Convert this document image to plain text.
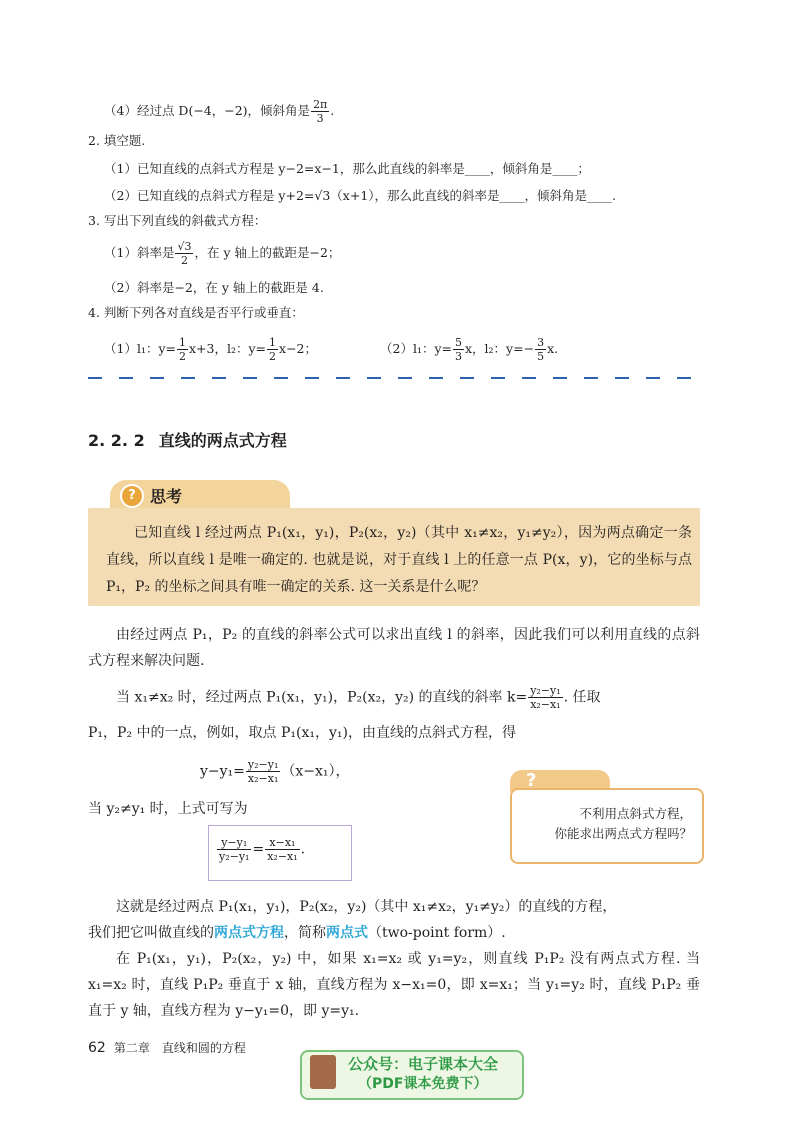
（4）经过点 D(−4，−2)，倾斜角是 $\frac{2\pi}{3}$ .
2. 填空题.
（1）已知直线的点斜式方程是 y−2=x−1，那么此直线的斜率是____，倾斜角是____；
（2）已知直线的点斜式方程是 y+2=√3（x+1），那么此直线的斜率是____，倾斜角是____.
3. 写出下列直线的斜截式方程：
（1）斜率是 $\frac{√3}{2}$ ，在 y 轴上的截距是−2；
（2）斜率是−2，在 y 轴上的截距是 4.
4. 判断下列各对直线是否平行或垂直：
（1）l₁：$y= \frac{1}{2} x+3$，l₂：$y= \frac{1}{2} x-2$；	（2）l₁：$y= \frac{5}{3}$ x，l₂：$y=- \frac{3}{5} x$.
2. 2. 2 直线的两点式方程
? 思考
已知直线 l 经过两点 P₁(x₁，y₁)，P₂(x₂，y₂)（其中 x₁≠x₂，y₁≠y₂），因为两点确定一条直线，所以直线 l 是唯一确定的. 也就是说，对于直线 l 上的任意一点 P(x，y)，它的坐标与点 P₁，P₂ 的坐标之间具有唯一确定的关系. 这一关系是什么呢？
由经过两点 P₁，P₂ 的直线的斜率公式可以求出直线 l 的斜率，因此我们可以利用直线的点斜式方程来解决问题.
当 x₁≠x₂ 时，经过两点 P₁(x₁，y₁)，P₂(x₂，y₂) 的直线的斜率 $k= \frac{\text{y₂−y₁}}{\text{x₂−x₁}}$ . 任取
P₁，P₂ 中的一点，例如，取点 P₁(x₁，y₁)，由直线的点斜式方程，得
$y-y_1= \frac{\text{y₂−y₁}}{\text{x₂−x₁}} (x-x_1)$，
当 y₂≠y₁ 时，上式可写为
?
不利用点斜式方程，
你能求出两点式方程吗？
$\frac{\text{y−y₁}}{\text{y₂−y₁}} = \frac{\text{x−x₁}}{\text{x₂−x₁}}$ .
这就是经过两点 P₁(x₁，y₁)，P₂(x₂，y₂)（其中 x₁≠x₂，y₁≠y₂）的直线的方程，
我们把它叫做直线的两点式方程，简称两点式（two-point form）.
在 P₁(x₁，y₁)，P₂(x₂，y₂) 中，如果 x₁=x₂ 或 y₁=y₂，则直线 P₁P₂ 没有两点式方程. 当 x₁=x₂ 时，直线 P₁P₂ 垂直于 x 轴，直线方程为 x−x₁=0，即 x=x₁；当 y₁=y₂ 时，直线 P₁P₂ 垂直于 y 轴，直线方程为 y−y₁=0，即 y=y₁.
62 第二章　直线和圆的方程
公众号：电子课本大全
（PDF课本免费下）
